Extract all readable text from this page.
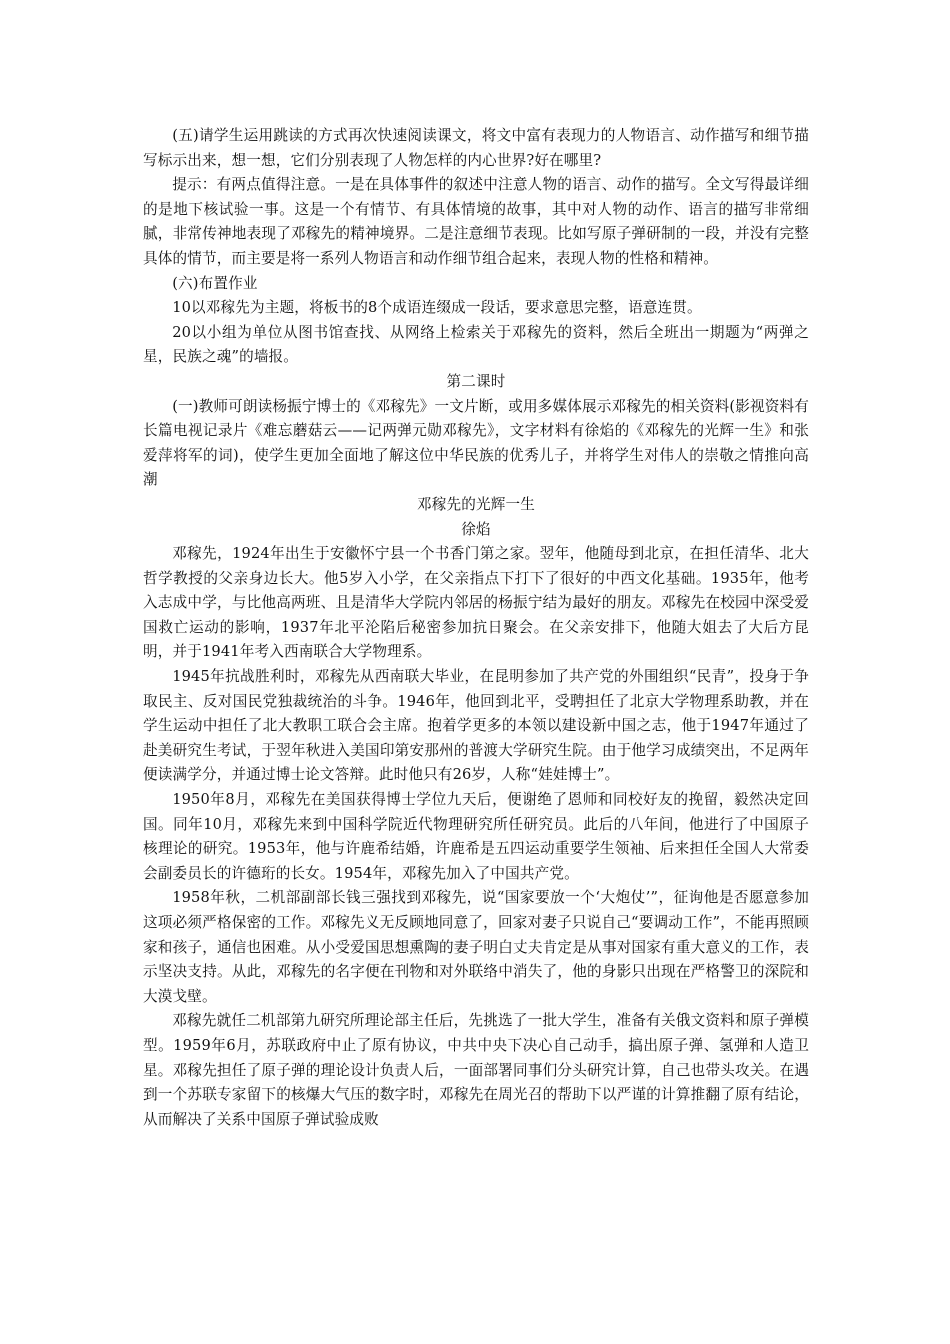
(五)请学生运用跳读的方式再次快速阅读课文，将文中富有表现力的人物语言、动作描写和细节描写标示出来，想一想，它们分别表现了人物怎样的内心世界?好在哪里?

提示：有两点值得注意。一是在具体事件的叙述中注意人物的语言、动作的描写。全文写得最详细的是地下核试验一事。这是一个有情节、有具体情境的故事，其中对人物的动作、语言的描写非常细腻，非常传神地表现了邓稼先的精神境界。二是注意细节表现。比如写原子弹研制的一段，并没有完整具体的情节，而主要是将一系列人物语言和动作细节组合起来，表现人物的性格和精神。

(六)布置作业

10以邓稼先为主题，将板书的8个成语连缀成一段话，要求意思完整，语意连贯。

20以小组为单位从图书馆查找、从网络上检索关于邓稼先的资料，然后全班出一期题为“两弹之星，民族之魂”的墙报。

第二课时

(一)教师可朗读杨振宁博士的《邓稼先》一文片断，或用多媒体展示邓稼先的相关资料(影视资料有长篇电视记录片《难忘蘑菇云——记两弹元勋邓稼先》，文字材料有徐焰的《邓稼先的光辉一生》和张爱萍将军的词)，使学生更加全面地了解这位中华民族的优秀儿子，并将学生对伟人的崇敬之情推向高潮

邓稼先的光辉一生

徐焰

邓稼先，1924年出生于安徽怀宁县一个书香门第之家。翌年，他随母到北京，在担任清华、北大哲学教授的父亲身边长大。他5岁入小学，在父亲指点下打下了很好的中西文化基础。1935年，他考入志成中学，与比他高两班、且是清华大学院内邻居的杨振宁结为最好的朋友。邓稼先在校园中深受爱国救亡运动的影响，1937年北平沦陷后秘密参加抗日聚会。在父亲安排下，他随大姐去了大后方昆明，并于1941年考入西南联合大学物理系。

1945年抗战胜利时，邓稼先从西南联大毕业，在昆明参加了共产党的外围组织“民青”，投身于争取民主、反对国民党独裁统治的斗争。1946年，他回到北平，受聘担任了北京大学物理系助教，并在学生运动中担任了北大教职工联合会主席。抱着学更多的本领以建设新中国之志，他于1947年通过了赴美研究生考试，于翌年秋进入美国印第安那州的普渡大学研究生院。由于他学习成绩突出，不足两年便读满学分，并通过博士论文答辩。此时他只有26岁，人称“娃娃博士”。

1950年8月，邓稼先在美国获得博士学位九天后，便谢绝了恩师和同校好友的挽留，毅然决定回国。同年10月，邓稼先来到中国科学院近代物理研究所任研究员。此后的八年间，他进行了中国原子核理论的研究。1953年，他与许鹿希结婚，许鹿希是五四运动重要学生领袖、后来担任全国人大常委会副委员长的许德珩的长女。1954年，邓稼先加入了中国共产党。

1958年秋，二机部副部长钱三强找到邓稼先，说“国家要放一个‘大炮仗’”，征询他是否愿意参加这项必须严格保密的工作。邓稼先义无反顾地同意了，回家对妻子只说自己“要调动工作”，不能再照顾家和孩子，通信也困难。从小受爱国思想熏陶的妻子明白丈夫肯定是从事对国家有重大意义的工作，表示坚决支持。从此，邓稼先的名字便在刊物和对外联络中消失了，他的身影只出现在严格警卫的深院和大漠戈壁。

邓稼先就任二机部第九研究所理论部主任后，先挑选了一批大学生，准备有关俄文资料和原子弹模型。1959年6月，苏联政府中止了原有协议，中共中央下决心自己动手，搞出原子弹、氢弹和人造卫星。邓稼先担任了原子弹的理论设计负责人后，一面部署同事们分头研究计算，自己也带头攻关。在遇到一个苏联专家留下的核爆大气压的数字时，邓稼先在周光召的帮助下以严谨的计算推翻了原有结论，从而解决了关系中国原子弹试验成败
